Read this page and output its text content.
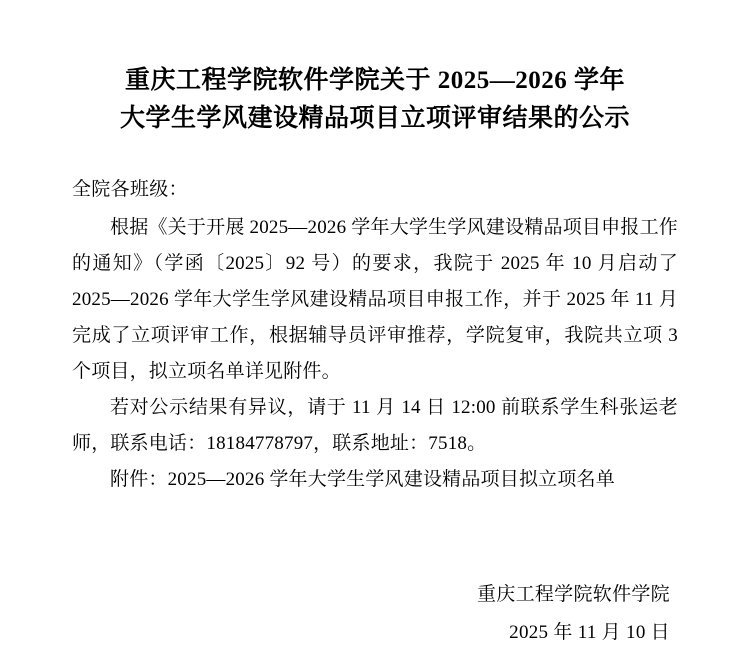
重庆工程学院软件学院关于 2025—2026 学年
大学生学风建设精品项目立项评审结果的公示

全院各班级：

根据《关于开展 2025—2026 学年大学生学风建设精品项目申报工作的通知》（学函〔2025〕92 号）的要求，我院于 2025 年 10 月启动了 2025—2026 学年大学生学风建设精品项目申报工作，并于 2025 年 11 月完成了立项评审工作，根据辅导员评审推荐，学院复审，我院共立项 3 个项目，拟立项名单详见附件。

若对公示结果有异议，请于 11 月 14 日 12:00 前联系学生科张运老师，联系电话：18184778797，联系地址：7518。

附件：2025—2026 学年大学生学风建设精品项目拟立项名单

重庆工程学院软件学院
2025 年 11 月 10 日
